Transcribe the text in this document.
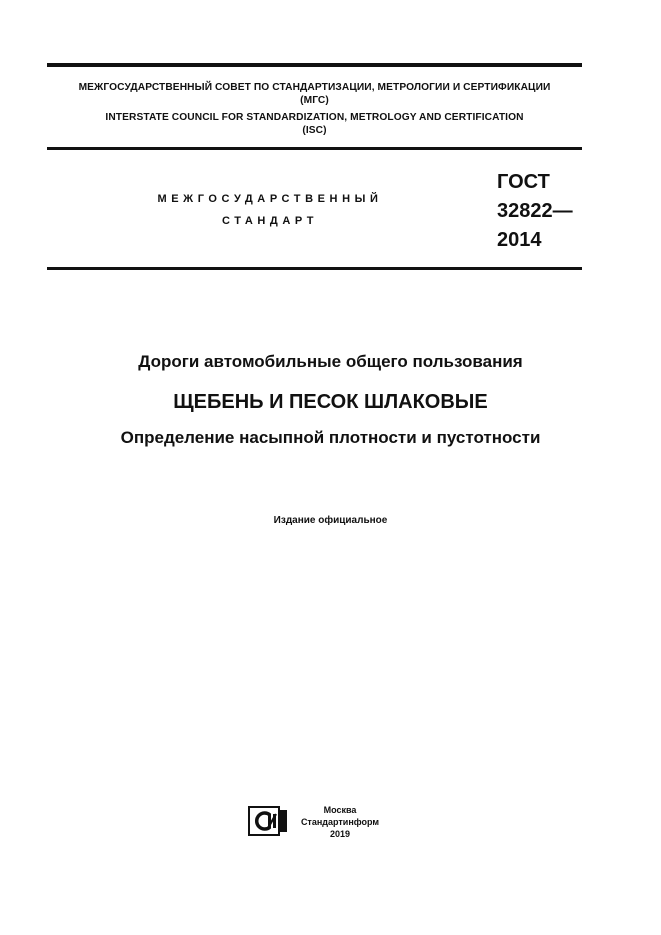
МЕЖГОСУДАРСТВЕННЫЙ СОВЕТ ПО СТАНДАРТИЗАЦИИ, МЕТРОЛОГИИ И СЕРТИФИКАЦИИ
(МГС)
INTERSTATE COUNCIL FOR STANDARDIZATION, METROLOGY AND CERTIFICATION
(ISC)
МЕЖГОСУДАРСТВЕННЫЙ
СТАНДАРТ
ГОСТ
32822—
2014
Дороги автомобильные общего пользования
ЩЕБЕНЬ И ПЕСОК ШЛАКОВЫЕ
Определение насыпной плотности и пустотности
Издание официальное
Москва
Стандартинформ
2019
